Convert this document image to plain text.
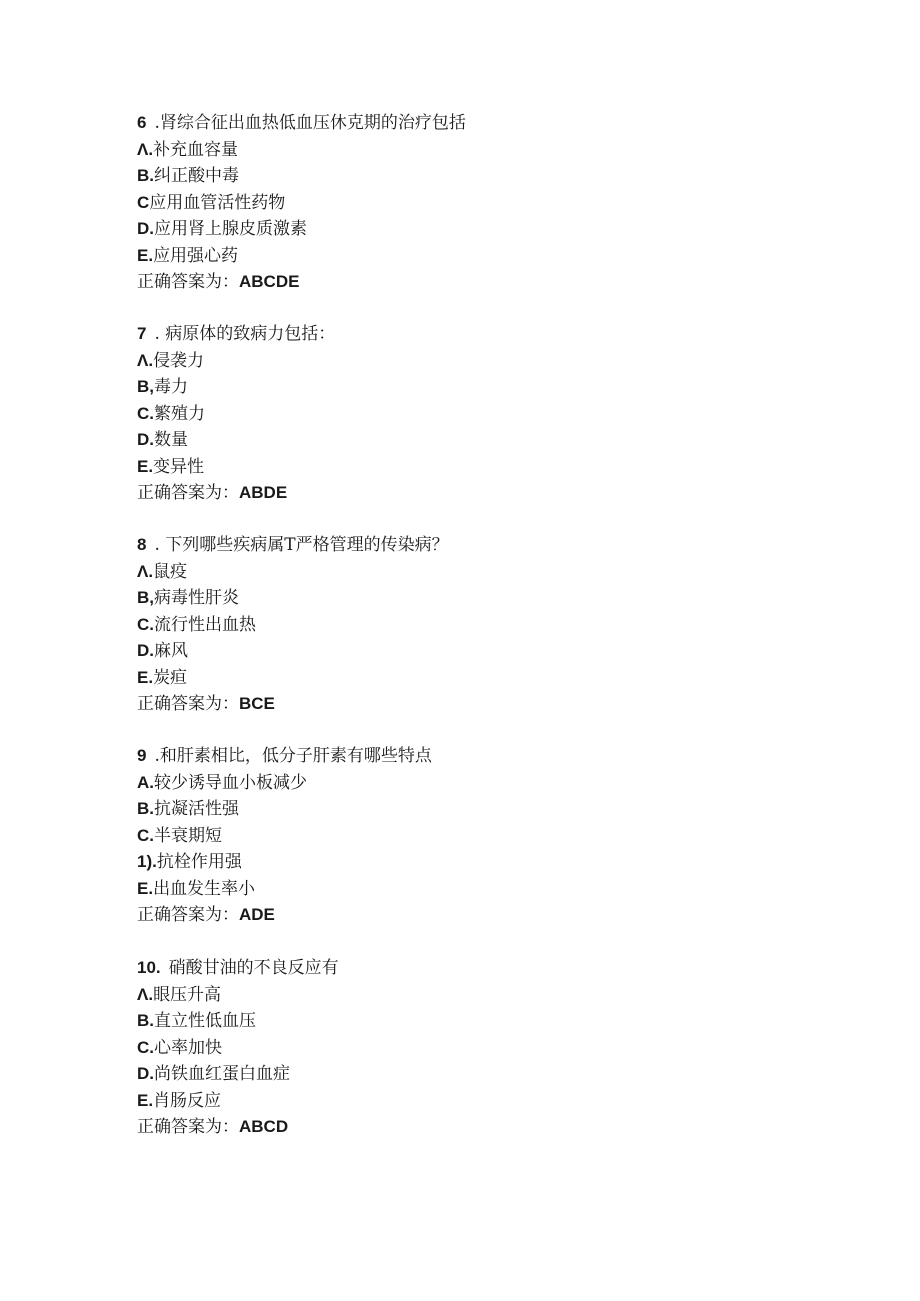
6 .肾综合征出血热低血压休克期的治疗包括
Λ.补充血容量
B.纠正酸中毒
C应用血管活性药物
D.应用肾上腺皮质激素
E.应用强心药
正确答案为：ABCDE
7 . 病原体的致病力包括：
Λ.侵袭力
B,毒力
C.繁殖力
D.数量
E.变异性
正确答案为：ABDE
8 . 下列哪些疾病属T严格管理的传染病？
Λ.鼠疫
B,病毒性肝炎
C.流行性出血热
D.麻风
E.炭疸
正确答案为：BCE
9 .和肝素相比，低分子肝素有哪些特点
A.较少诱导血小板减少
B.抗凝活性强
C.半衰期短
1).抗栓作用强
E.出血发生率小
正确答案为：ADE
10. 硝酸甘油的不良反应有
Λ.眼压升高
B.直立性低血压
C.心率加快
D.尚铁血红蛋白血症
E.肖肠反应
正确答案为：ABCD
